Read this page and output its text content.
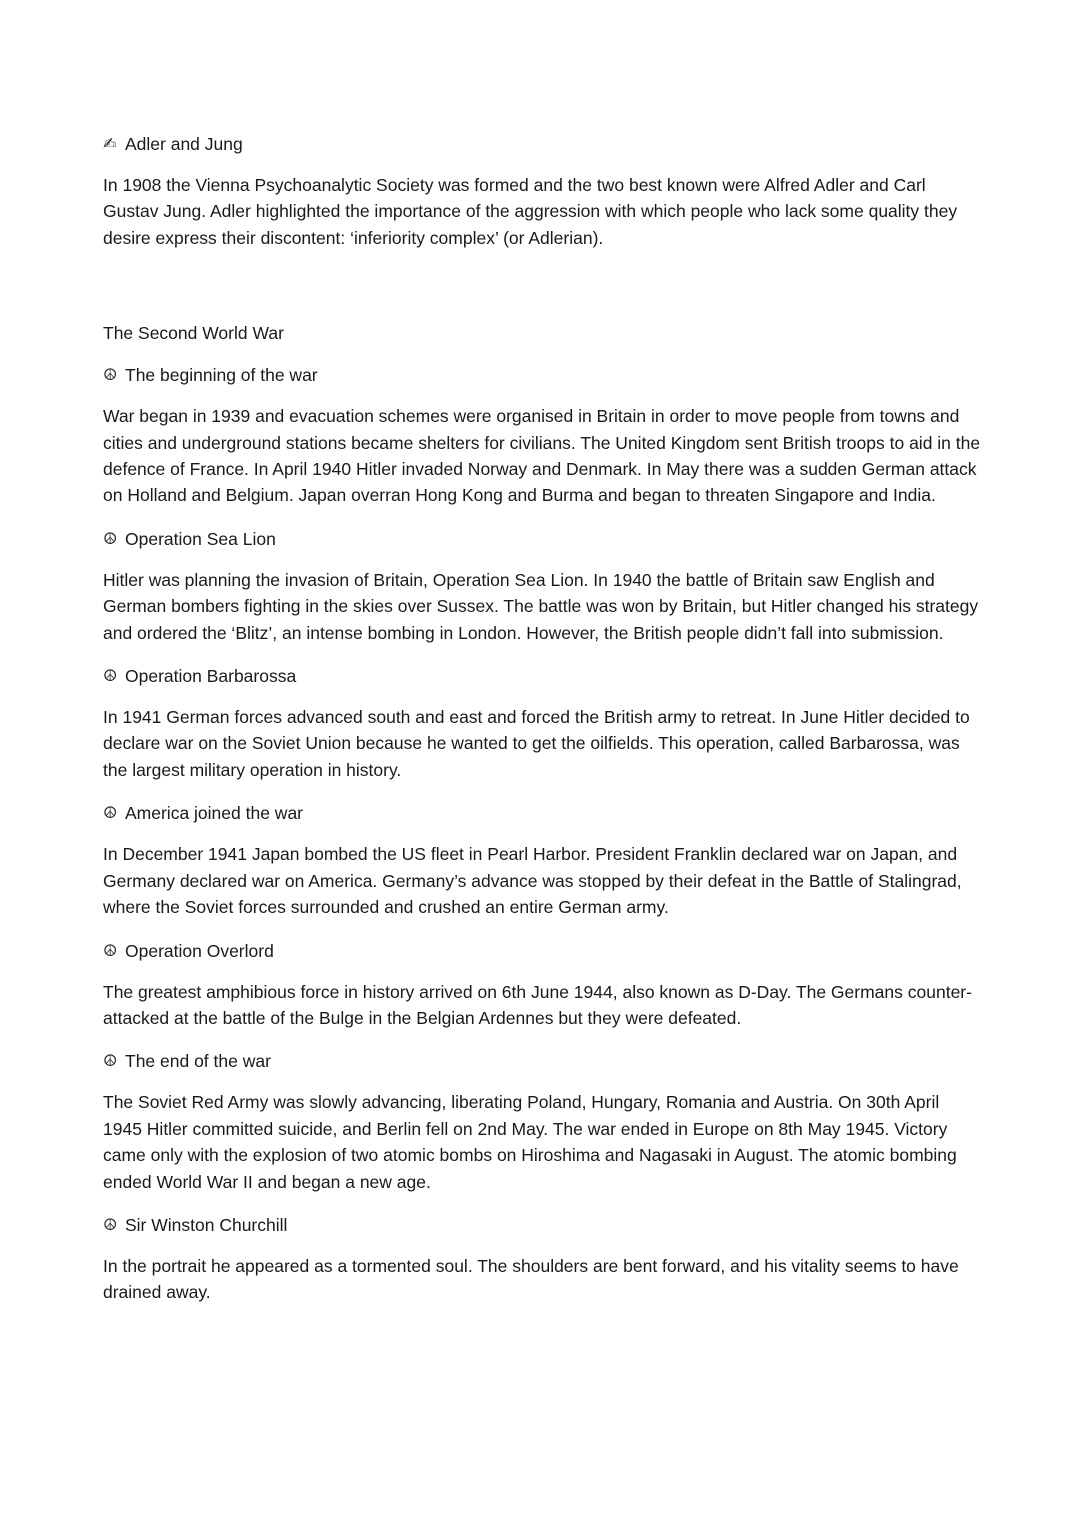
✍ Adler and Jung

In 1908 the Vienna Psychoanalytic Society was formed and the two best known were Alfred Adler and Carl Gustav Jung. Adler highlighted the importance of the aggression with which people who lack some quality they desire express their discontent: ‘inferiority complex’ (or Adlerian).

The Second World War

☮ The beginning of the war

War began in 1939 and evacuation schemes were organised in Britain in order to move people from towns and cities and underground stations became shelters for civilians. The United Kingdom sent British troops to aid in the defence of France. In April 1940 Hitler invaded Norway and Denmark. In May there was a sudden German attack on Holland and Belgium. Japan overran Hong Kong and Burma and began to threaten Singapore and India.

☮ Operation Sea Lion

Hitler was planning the invasion of Britain, Operation Sea Lion. In 1940 the battle of Britain saw English and German bombers fighting in the skies over Sussex. The battle was won by Britain, but Hitler changed his strategy and ordered the ‘Blitz’, an intense bombing in London. However, the British people didn’t fall into submission.

☮ Operation Barbarossa

In 1941 German forces advanced south and east and forced the British army to retreat. In June Hitler decided to declare war on the Soviet Union because he wanted to get the oilfields. This operation, called Barbarossa, was the largest military operation in history.

☮ America joined the war

In December 1941 Japan bombed the US fleet in Pearl Harbor. President Franklin declared war on Japan, and Germany declared war on America. Germany’s advance was stopped by their defeat in the Battle of Stalingrad, where the Soviet forces surrounded and crushed an entire German army.

☮ Operation Overlord

The greatest amphibious force in history arrived on 6th June 1944, also known as D-Day. The Germans counter-attacked at the battle of the Bulge in the Belgian Ardennes but they were defeated.

☮ The end of the war

The Soviet Red Army was slowly advancing, liberating Poland, Hungary, Romania and Austria. On 30th April 1945 Hitler committed suicide, and Berlin fell on 2nd May. The war ended in Europe on 8th May 1945. Victory came only with the explosion of two atomic bombs on Hiroshima and Nagasaki in August. The atomic bombing ended World War II and began a new age.

☮ Sir Winston Churchill

In the portrait he appeared as a tormented soul. The shoulders are bent forward, and his vitality seems to have drained away.
